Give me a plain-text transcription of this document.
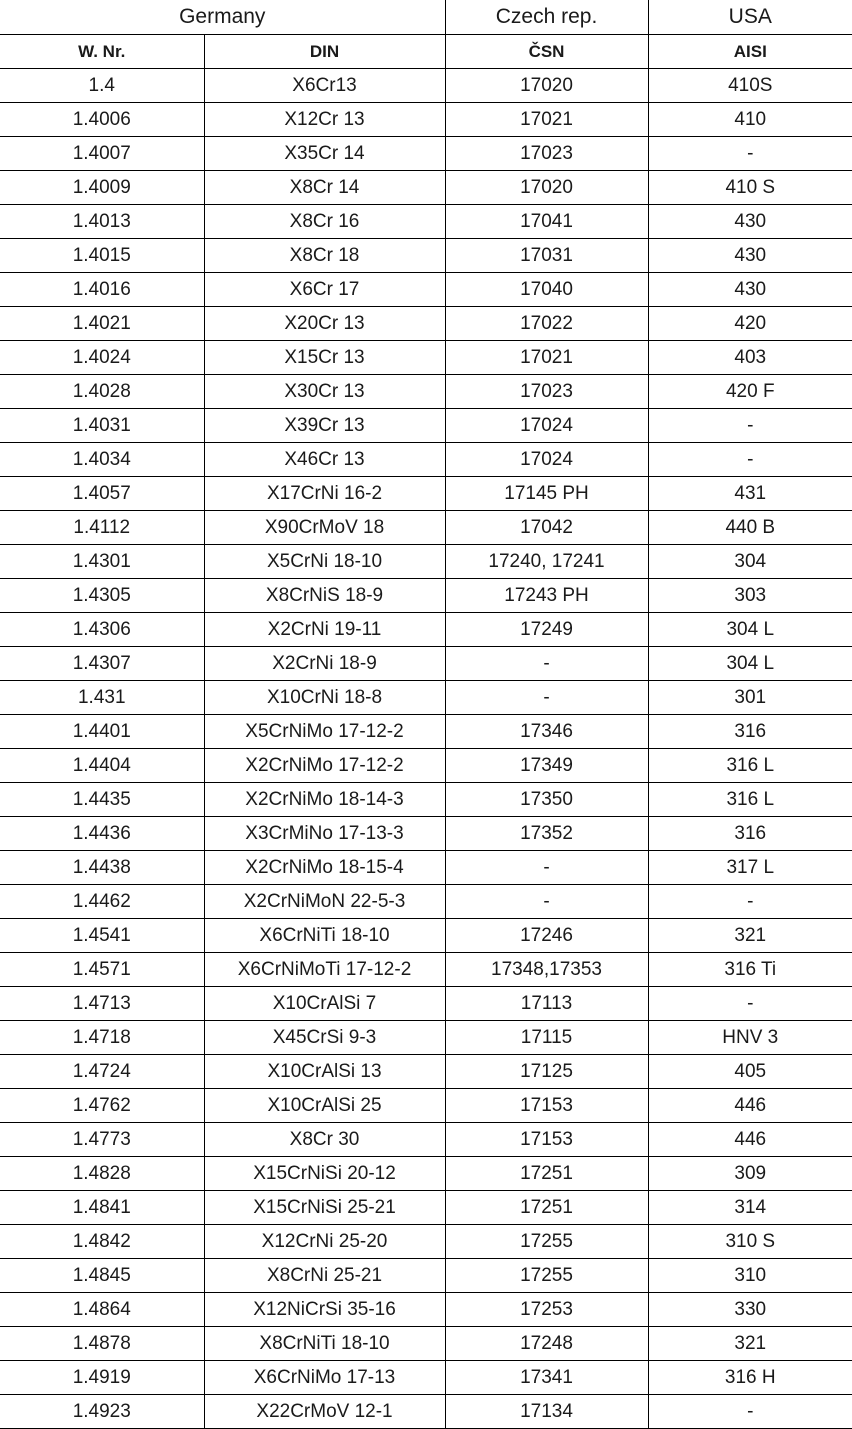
Germany		Czech rep.	USA
W. Nr.	DIN	ČSN	AISI
1.4	X6Cr13	17020	410S
1.4006	X12Cr 13	17021	410
1.4007	X35Cr 14	17023	-
1.4009	X8Cr 14	17020	410 S
1.4013	X8Cr 16	17041	430
1.4015	X8Cr 18	17031	430
1.4016	X6Cr 17	17040	430
1.4021	X20Cr 13	17022	420
1.4024	X15Cr 13	17021	403
1.4028	X30Cr 13	17023	420 F
1.4031	X39Cr 13	17024	-
1.4034	X46Cr 13	17024	-
1.4057	X17CrNi 16-2	17145 PH	431
1.4112	X90CrMoV 18	17042	440 B
1.4301	X5CrNi 18-10	17240, 17241	304
1.4305	X8CrNiS 18-9	17243 PH	303
1.4306	X2CrNi 19-11	17249	304 L
1.4307	X2CrNi 18-9	-	304 L
1.431	X10CrNi 18-8	-	301
1.4401	X5CrNiMo 17-12-2	17346	316
1.4404	X2CrNiMo 17-12-2	17349	316 L
1.4435	X2CrNiMo 18-14-3	17350	316 L
1.4436	X3CrMiNo 17-13-3	17352	316
1.4438	X2CrNiMo 18-15-4	-	317 L
1.4462	X2CrNiMoN 22-5-3	-	-
1.4541	X6CrNiTi 18-10	17246	321
1.4571	X6CrNiMoTi 17-12-2	17348,17353	316 Ti
1.4713	X10CrAlSi 7	17113	-
1.4718	X45CrSi 9-3	17115	HNV 3
1.4724	X10CrAlSi 13	17125	405
1.4762	X10CrAlSi 25	17153	446
1.4773	X8Cr 30	17153	446
1.4828	X15CrNiSi 20-12	17251	309
1.4841	X15CrNiSi 25-21	17251	314
1.4842	X12CrNi 25-20	17255	310 S
1.4845	X8CrNi 25-21	17255	310
1.4864	X12NiCrSi 35-16	17253	330
1.4878	X8CrNiTi 18-10	17248	321
1.4919	X6CrNiMo 17-13	17341	316 H
1.4923	X22CrMoV 12-1	17134	-
